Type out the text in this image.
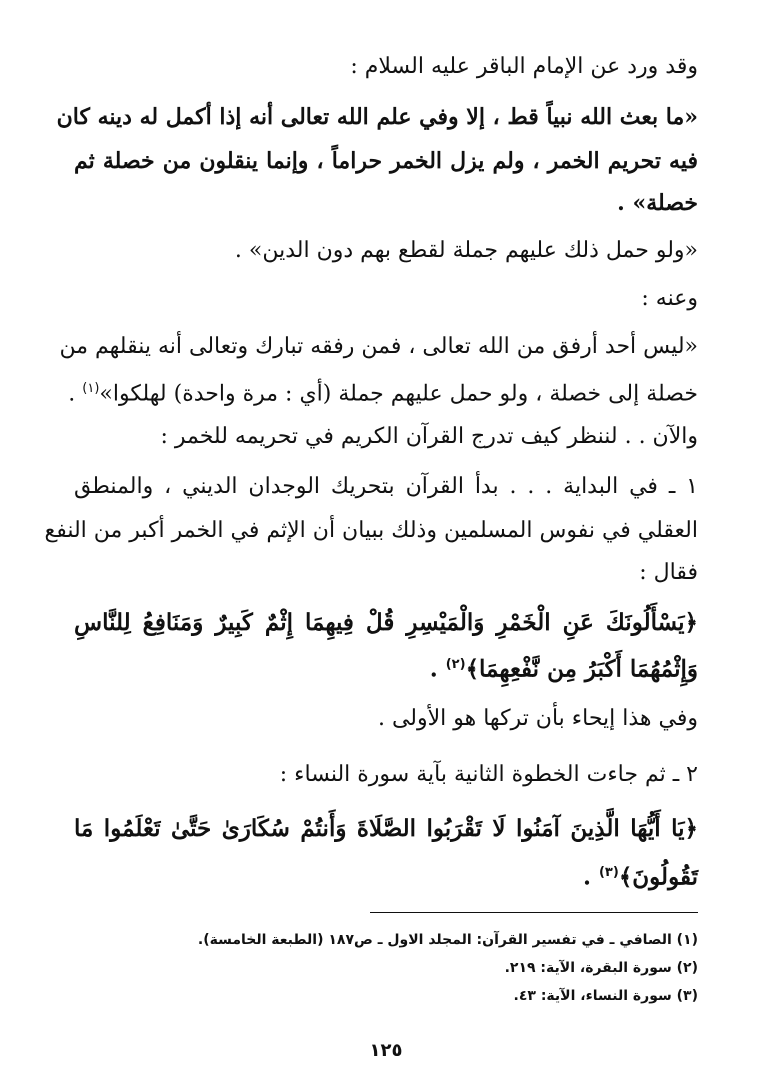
وقد ورد عن الإمام الباقر عليه السلام :
«ما بعث الله نبياً قط ، إلا وفي علم الله تعالى أنه إذا أكمل له دينه كان
فيه تحريم الخمر ، ولم يزل الخمر حراماً ، وإنما ينقلون من خصلة ثم
خصلة» .
«ولو حمل ذلك عليهم جملة لقطع بهم دون الدين» .
وعنه :
«ليس أحد أرفق من الله تعالى ، فمن رفقه تبارك وتعالى أنه ينقلهم من
خصلة إلى خصلة ، ولو حمل عليهم جملة (أي : مرة واحدة) لهلكوا»$^{(١)}$ .
والآن . . لننظر كيف تدرج القرآن الكريم في تحريمه للخمر :
١ ـ في البداية . . . بدأ القرآن بتحريك الوجدان الديني ، والمنطق
العقلي في نفوس المسلمين وذلك ببيان أن الإثم في الخمر أكبر من النفع
فقال :
﴿يَسْأَلُونَكَ عَنِ الْخَمْرِ وَالْمَيْسِرِ قُلْ فِيهِمَا إِثْمٌ كَبِيرٌ وَمَنَافِعُ لِلنَّاسِ
وَإِثْمُهُمَا أَكْبَرُ مِن نَّفْعِهِمَا﴾$^{(٢)}$ .
وفي هذا إيحاء بأن تركها هو الأولى .
٢ ـ ثم جاءت الخطوة الثانية بآية سورة النساء :
﴿يَا أَيُّهَا الَّذِينَ آمَنُوا لَا تَقْرَبُوا الصَّلَاةَ وَأَنتُمْ سُكَارَىٰ حَتَّىٰ تَعْلَمُوا مَا
تَقُولُونَ﴾$^{(٣)}$ .
(١) الصافي ـ في تفسير القرآن: المجلد الاول ـ ص١٨٧ (الطبعة الخامسة).
(٢) سورة البقرة، الآية: ٢١٩.
(٣) سورة النساء، الآية: ٤٣.
١٢٥
